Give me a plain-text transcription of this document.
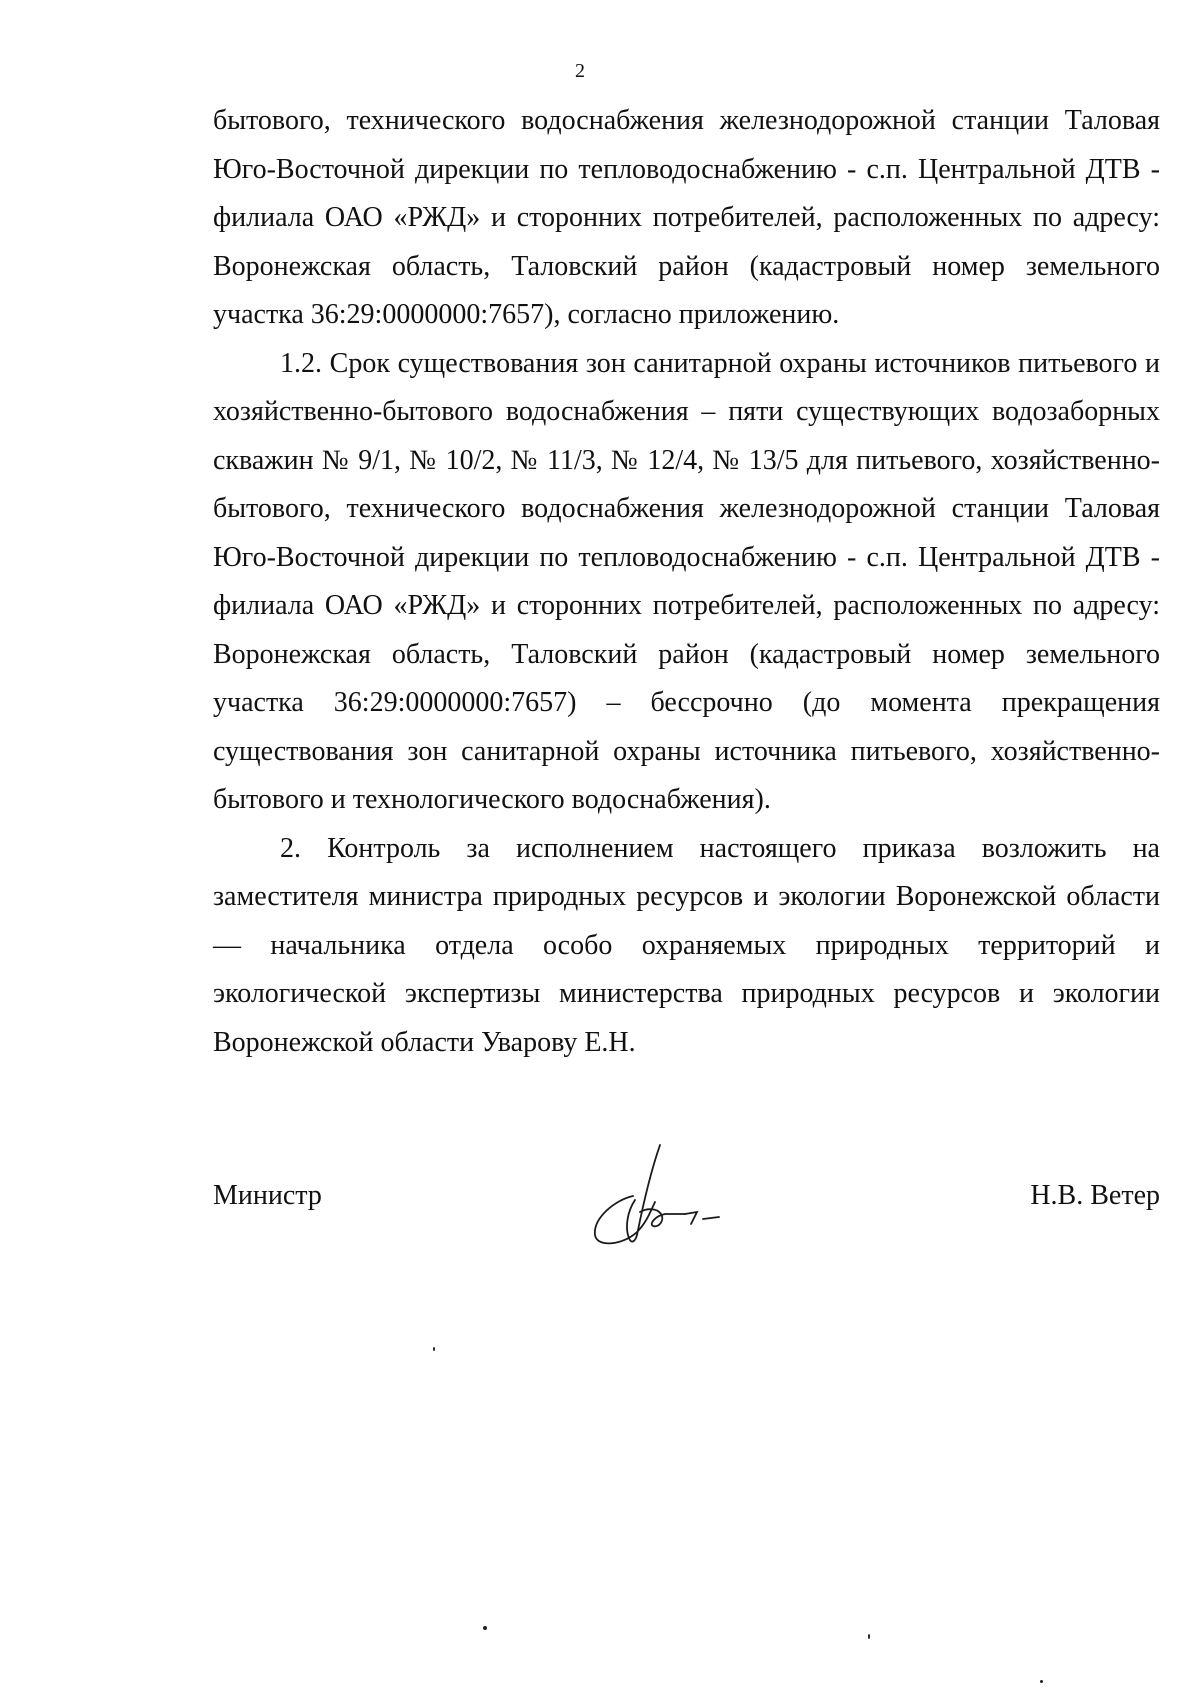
2

бытового, технического водоснабжения железнодорожной станции Таловая Юго-Восточной дирекции по тепловодоснабжению - с.п. Центральной ДТВ - филиала ОАО «РЖД» и сторонних потребителей, расположенных по адресу: Воронежская область, Таловский район (кадастровый номер земельного участка 36:29:0000000:7657), согласно приложению.

1.2. Срок существования зон санитарной охраны источников питьевого и хозяйственно-бытового водоснабжения – пяти существующих водозаборных скважин № 9/1, № 10/2, № 11/3, № 12/4, № 13/5 для питьевого, хозяйственно-бытового, технического водоснабжения железнодорожной станции Таловая Юго-Восточной дирекции по тепловодоснабжению - с.п. Центральной ДТВ - филиала ОАО «РЖД» и сторонних потребителей, расположенных по адресу: Воронежская область, Таловский район (кадастровый номер земельного участка 36:29:0000000:7657) – бессрочно (до момента прекращения существования зон санитарной охраны источника питьевого, хозяйственно-бытового и технологического водоснабжения).

2. Контроль за исполнением настоящего приказа возложить на заместителя министра природных ресурсов и экологии Воронежской области — начальника отдела особо охраняемых природных территорий и экологической экспертизы министерства природных ресурсов и экологии Воронежской области Уварову Е.Н.

Министр	Н.В. Ветер
